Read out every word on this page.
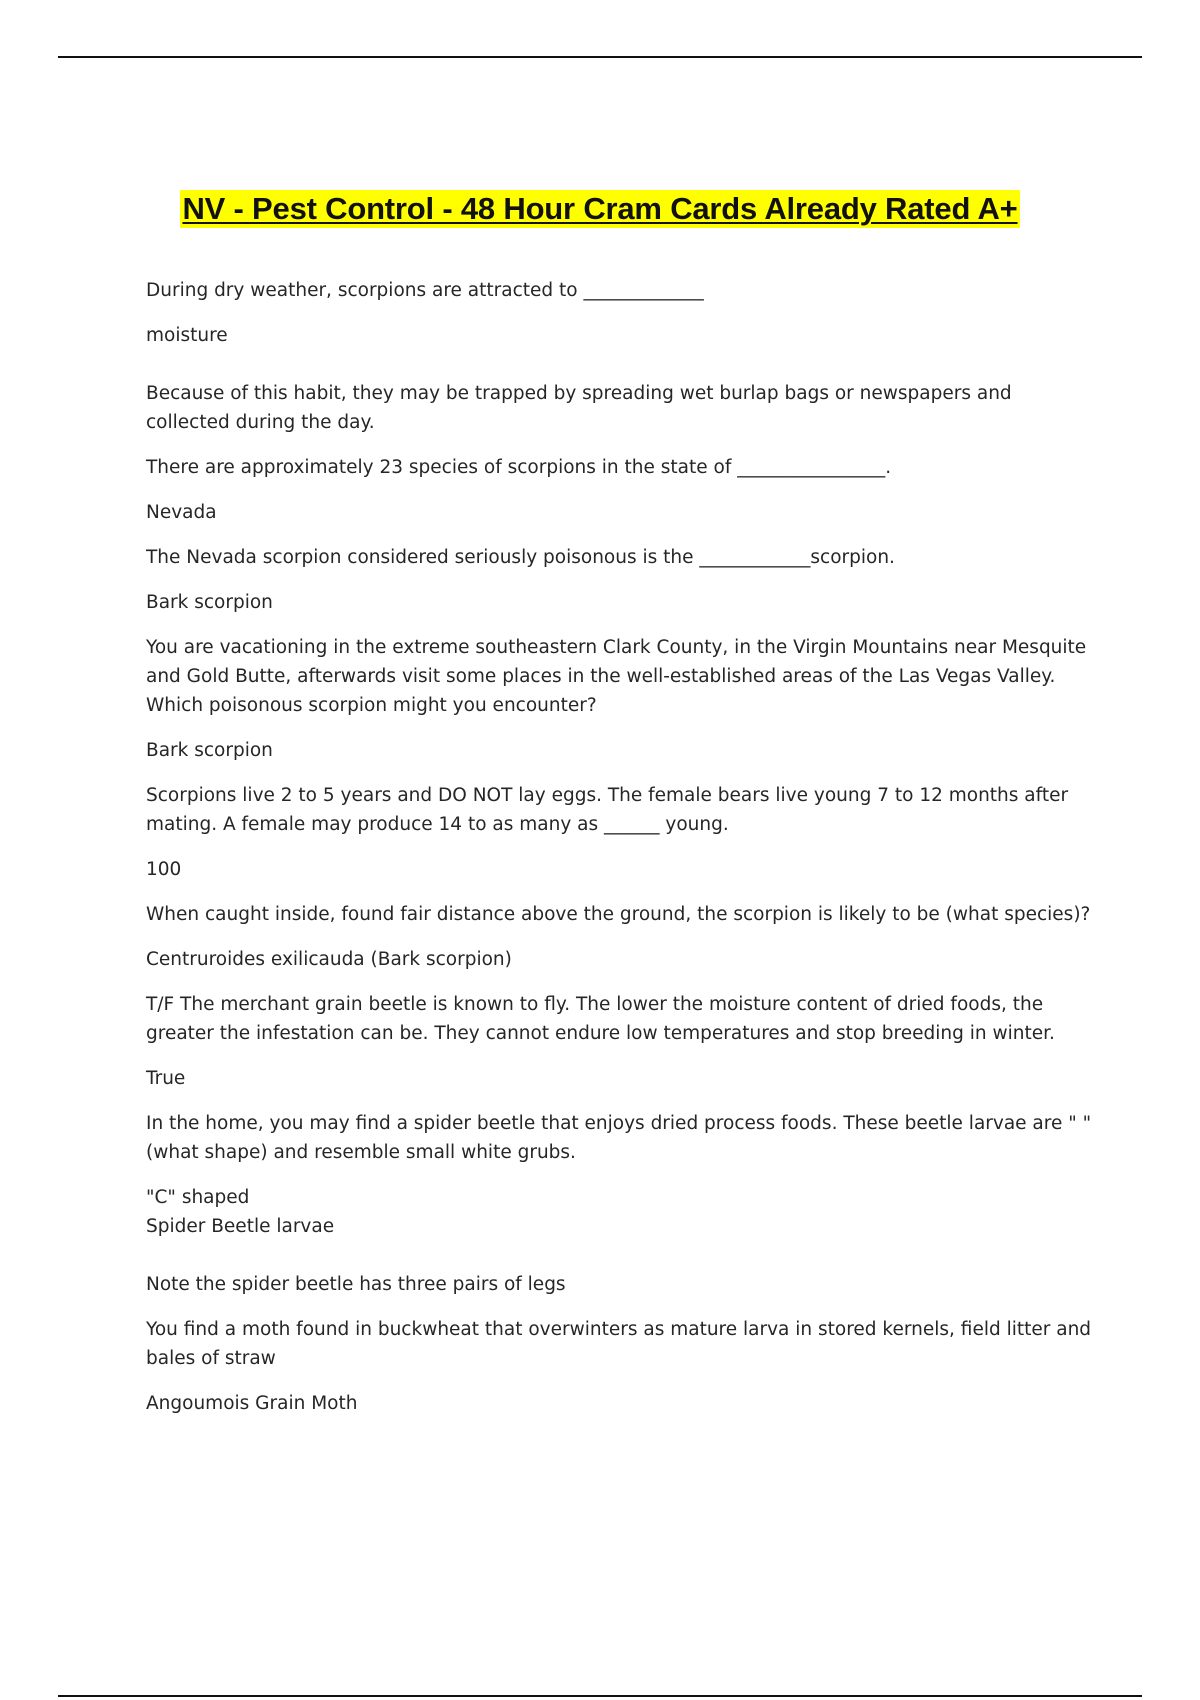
NV - Pest Control - 48 Hour Cram Cards Already Rated A+

During dry weather, scorpions are attracted to _____________

moisture

Because of this habit, they may be trapped by spreading wet burlap bags or newspapers and collected during the day.

There are approximately 23 species of scorpions in the state of ________________.

Nevada

The Nevada scorpion considered seriously poisonous is the ____________scorpion.

Bark scorpion

You are vacationing in the extreme southeastern Clark County, in the Virgin Mountains near Mesquite and Gold Butte, afterwards visit some places in the well-established areas of the Las Vegas Valley. Which poisonous scorpion might you encounter?

Bark scorpion

Scorpions live 2 to 5 years and DO NOT lay eggs. The female bears live young 7 to 12 months after mating. A female may produce 14 to as many as ______ young.

100

When caught inside, found fair distance above the ground, the scorpion is likely to be (what species)?

Centruroides exilicauda (Bark scorpion)

T/F The merchant grain beetle is known to fly. The lower the moisture content of dried foods, the greater the infestation can be. They cannot endure low temperatures and stop breeding in winter.

True

In the home, you may find a spider beetle that enjoys dried process foods. These beetle larvae are " " (what shape) and resemble small white grubs.

"C" shaped
Spider Beetle larvae

Note the spider beetle has three pairs of legs

You find a moth found in buckwheat that overwinters as mature larva in stored kernels, field litter and bales of straw

Angoumois Grain Moth
